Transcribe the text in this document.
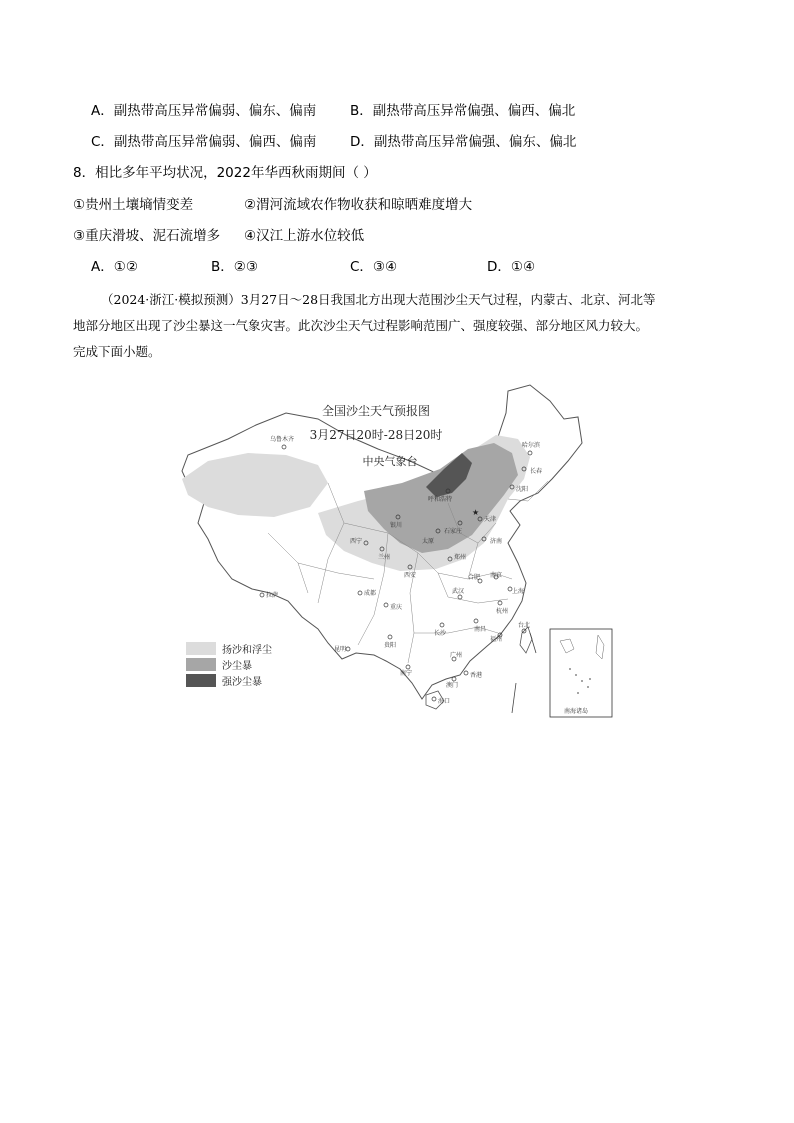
A．副热带高压异常偏弱、偏东、偏南	B．副热带高压异常偏强、偏西、偏北
C．副热带高压异常偏弱、偏西、偏南 D．副热带高压异常偏强、偏东、偏北
8．相比多年平均状况，2022年华西秋雨期间（ ）
①贵州土壤墒情变差	②渭河流域农作物收获和晾晒难度增大
③重庆滑坡、泥石流增多 ④汉江上游水位较低
A．①②	B．②③	C．③④	D．①④

（2024·浙江·模拟预测）3月27日～28日我国北方出现大范围沙尘天气过程，内蒙古、北京、河北等

地部分地区出现了沙尘暴这一气象灾害。此次沙尘天气过程影响范围广、强度较强、部分地区风力较大。

完成下面小题。

全国沙尘天气预报图
3月27日20时-28日20时
中央气象台
乌鲁木齐
哈尔滨
长春
沈阳
呼和浩特
银川
西宁
兰州
太原
石家庄
★
天津
济南
郑州
西安	合肥 南京
上海
武汉
杭州
成都
重庆
拉萨
长沙
南昌
福州
台北
贵阳
昆明
南宁
广州
香港
澳门
海口
南海诸岛
扬沙和浮尘
沙尘暴
强沙尘暴
